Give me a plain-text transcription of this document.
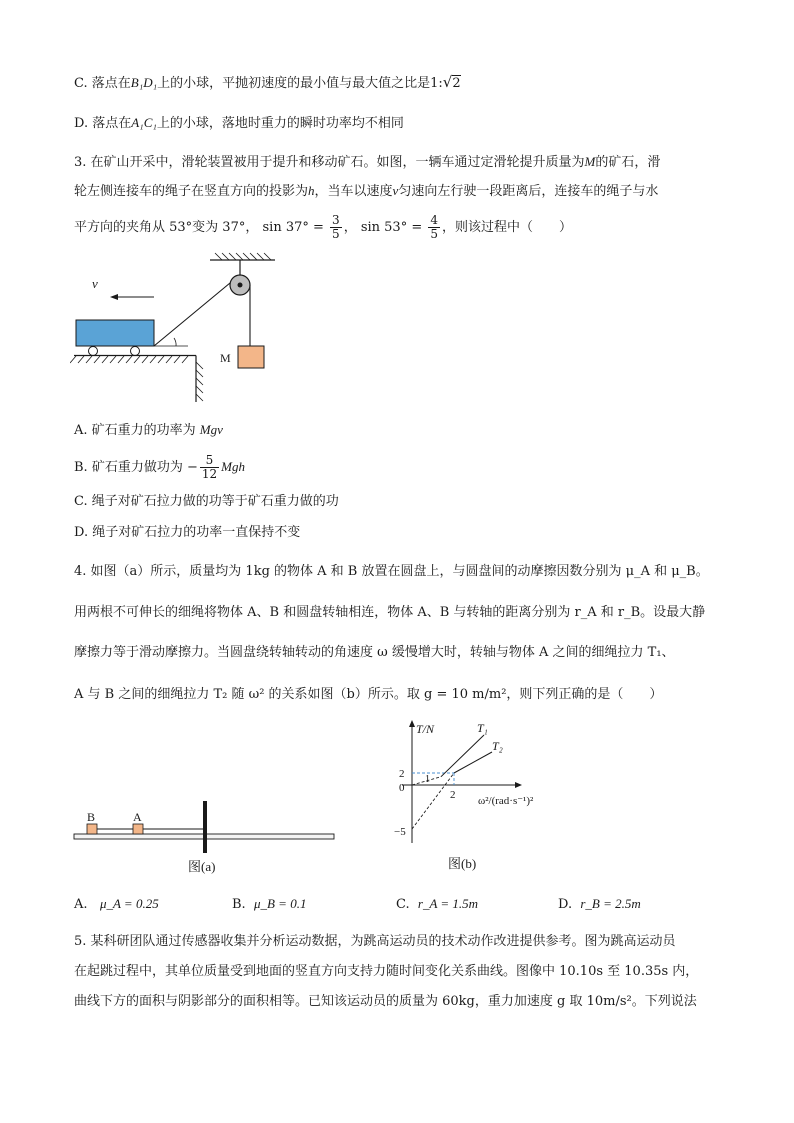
C. 落点在B₁D₁上的小球，平抛初速度的最小值与最大值之比是1:√2
D. 落点在A₁C₁上的小球，落地时重力的瞬时功率均不相同
3. 在矿山开采中，滑轮装置被用于提升和移动矿石。如图，一辆车通过定滑轮提升质量为M的矿石，滑
轮左侧连接车的绳子在竖直方向的投影为h，当车以速度v匀速向左行驶一段距离后，连接车的绳子与水
平方向的夹角从 53°变为 37°， $\sin 37^\circ = \frac{3}{5}$ ， $\sin 53^\circ = \frac{4}{5}$ ，则该过程中（　　）
M
v
A. 矿石重力的功率为 Mgv
B. 矿石重力做功为 − $\frac{5}{12}$ Mgh
C. 绳子对矿石拉力做的功等于矿石重力做的功
D. 绳子对矿石拉力的功率一直保持不变
4. 如图（a）所示，质量均为 1kg 的物体 A 和 B 放置在圆盘上，与圆盘间的动摩擦因数分别为 μ_A 和 μ_B。
用两根不可伸长的细绳将物体 A、B 和圆盘转轴相连，物体 A、B 与转轴的距离分别为 r_A 和 r_B。设最大静
摩擦力等于滑动摩擦力。当圆盘绕转轴转动的角速度 ω 缓慢增大时，转轴与物体 A 之间的细绳拉力 T₁、
A 与 B 之间的细绳拉力 T₂ 随 ω² 的关系如图（b）所示。取 g = 10 m/m²，则下列正确的是（　　）
B	A
图(a)
T/N
ω²/(rad·s⁻¹)²
T₁
T₂
2
0
−5
1
2
图(b)
A. μ_A = 0.25	B. μ_B = 0.1	C. r_A = 1.5m	D. r_B = 2.5m
5. 某科研团队通过传感器收集并分析运动数据，为跳高运动员的技术动作改进提供参考。图为跳高运动员
在起跳过程中，其单位质量受到地面的竖直方向支持力随时间变化关系曲线。图像中 10.10s 至 10.35s 内，
曲线下方的面积与阴影部分的面积相等。已知该运动员的质量为 60kg，重力加速度 g 取 10m/s²。下列说法
